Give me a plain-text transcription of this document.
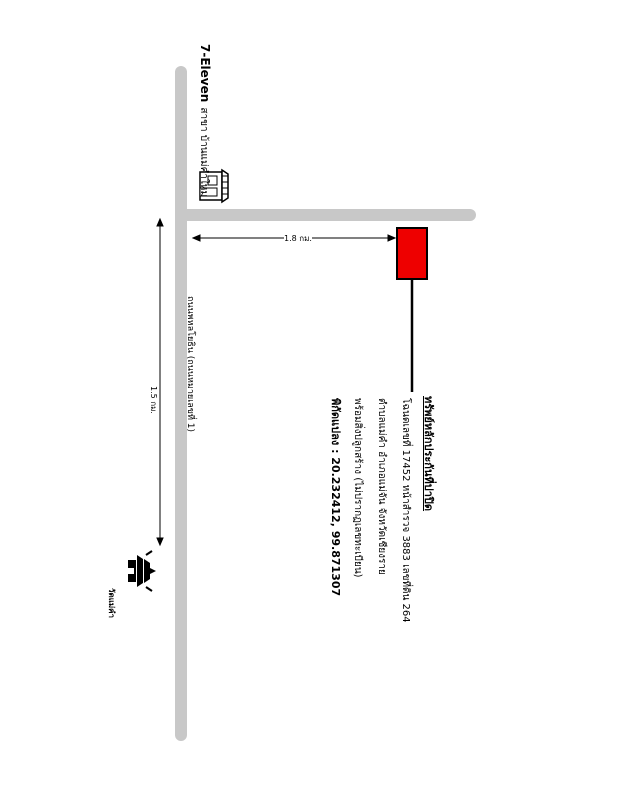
7-Eleven สาขา บ้านแม่คำใหม่
ทรัพย์หลักประกันที่ปาปิด
โฉนดเลขที่ 17452 หน้าสำรวจ 3883 เลขที่ดิน 264
ตำบลแม่คำ อำเภอแม่จัน จังหวัดเชียงราย
พร้อมสิ่งปลูกสร้าง (ไม่ปรากฏเลขทะเบียน)
พิกัดแปลง : 20.232412, 99.871307
ถนนพหลโยธิน (ถนนหมายเลขที่ 1)
1.8 กม.
1.5 กม.
วัดแม่คำ
